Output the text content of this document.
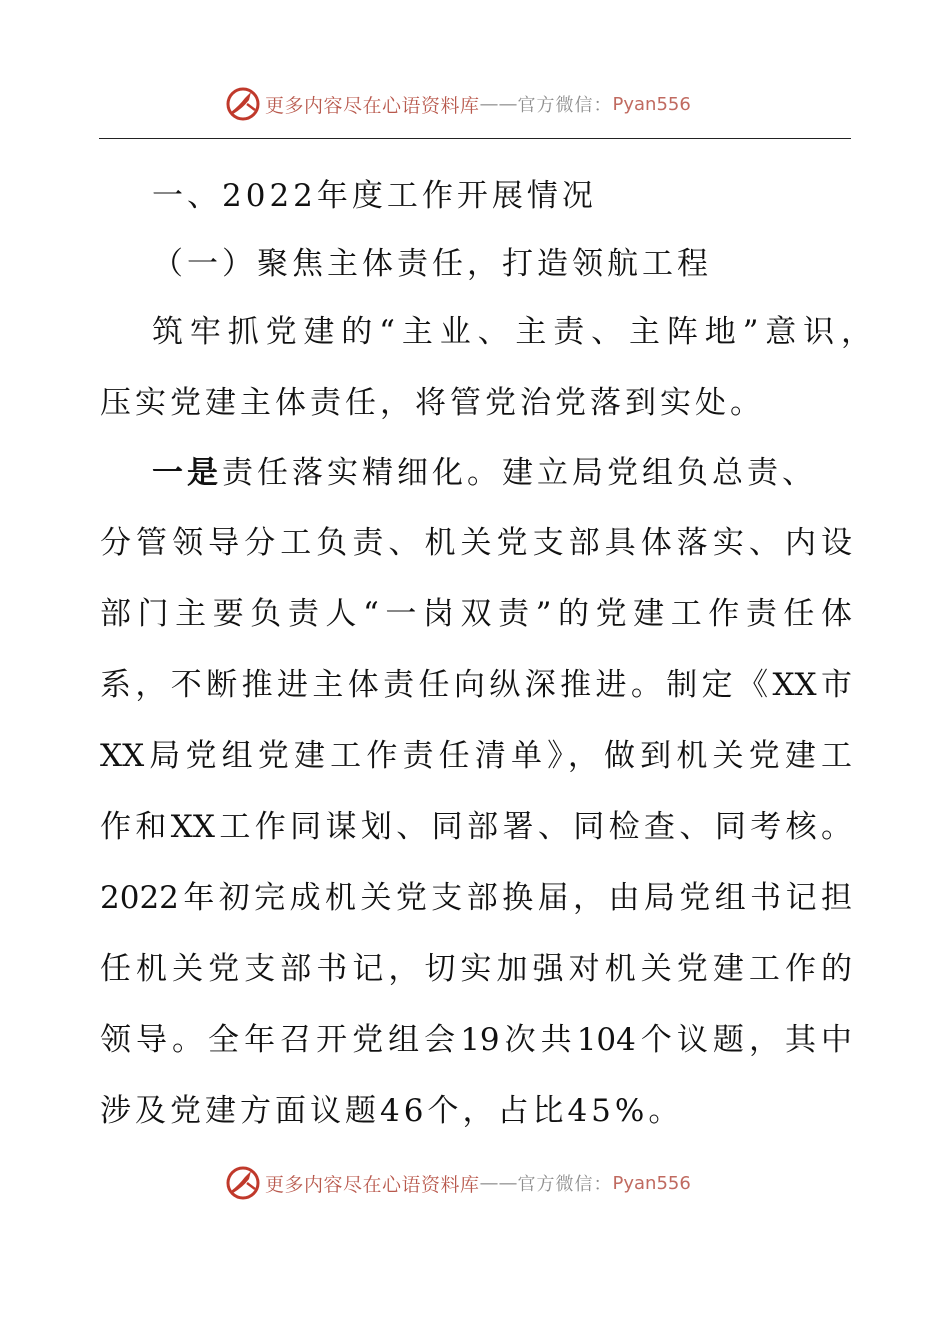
更多内容尽在心语资料库 —— 官方微信： Pyan556
一、2022年度工作开展情况
（一）聚焦主体责任，打造领航工程
筑牢抓党建的“主业、主责、主阵地”意识，
压实党建主体责任，将管党治党落到实处。
一是责任落实精细化。建立局党组负总责、
分管领导分工负责、机关党支部具体落实、内设
部门主要负责人“一岗双责”的党建工作责任体
系，不断推进主体责任向纵深推进。制定《XX市
XX局党组党建工作责任清单》，做到机关党建工
作和XX工作同谋划、同部署、同检查、同考核。
2022年初完成机关党支部换届，由局党组书记担
任机关党支部书记，切实加强对机关党建工作的
领导。全年召开党组会19次共104个议题，其中
涉及党建方面议题46个，占比45%。
更多内容尽在心语资料库 —— 官方微信： Pyan556
